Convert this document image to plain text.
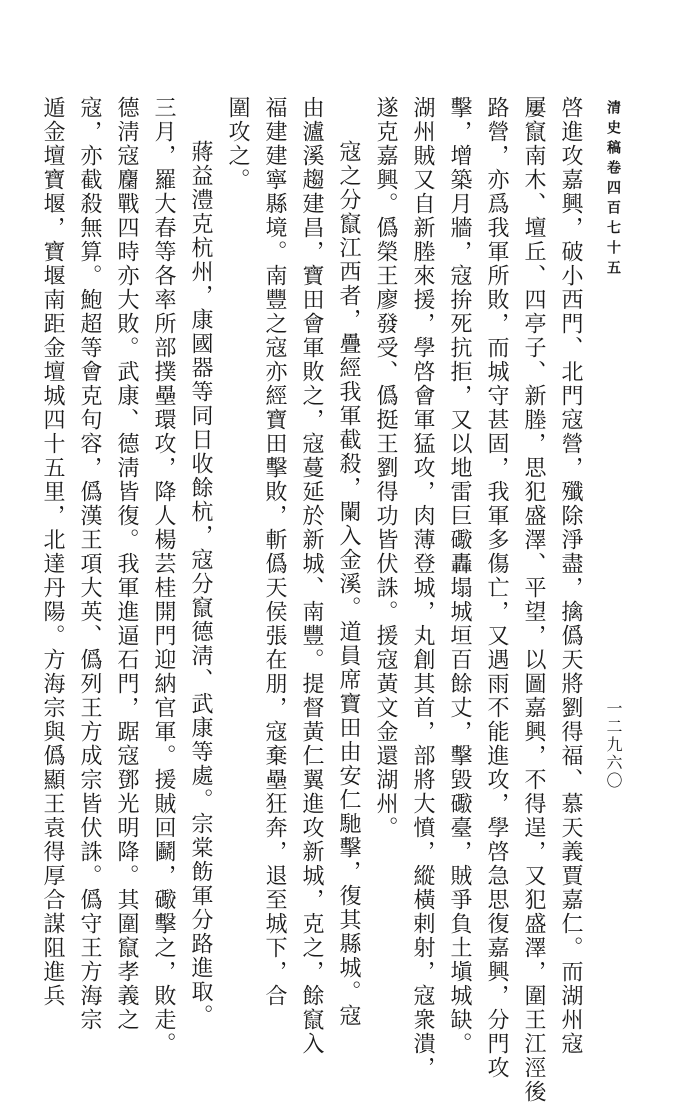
清史稿卷四百七十五
啓進攻嘉興，破小西門、北門寇營，殲除淨盡，擒僞天將劉得福、慕天義賈嘉仁。而湖州寇
屢竄南木、壇丘、四亭子、新塍，思犯盛澤、平望，以圖嘉興，不得逞，又犯盛澤，圍王江涇後
路營，亦爲我軍所敗，而城守甚固，我軍多傷亡，又遇雨不能進攻，學啓急思復嘉興，分門攻
擊，增築月牆，寇拚死抗拒，又以地雷巨礮轟塌城垣百餘丈，擊毀礮臺，賊爭負土塡城缺。
湖州賊又自新塍來援，學啓會軍猛攻，肉薄登城，丸創其首，部將大憤，縱橫剌射，寇衆潰，
遂克嘉興。僞榮王廖發受、僞挺王劉得功皆伏誅。援寇黃文金還湖州。
寇之分竄江西者，疊經我軍截殺，闌入金溪。道員席寶田由安仁馳擊，復其縣城。寇
由瀘溪趨建昌，寶田會軍敗之，寇蔓延於新城、南豐。提督黃仁翼進攻新城，克之，餘竄入
福建建寧縣境。南豐之寇亦經寶田擊敗，斬僞天侯張在朋，寇棄壘狂奔，退至城下，合
圍攻之。
蔣益澧克杭州，康國器等同日收餘杭，寇分竄德淸、武康等處。宗棠飭軍分路進取。
三月，羅大春等各率所部撲壘環攻，降人楊芸桂開門迎納官軍。援賊回鬬，礮擊之，敗走。
德淸寇麕戰四時亦大敗。武康、德淸皆復。我軍進逼石門，踞寇鄧光明降。其圍竄孝義之
寇，亦截殺無算。鮑超等會克句容，僞漢王項大英、僞列王方成宗皆伏誅。僞守王方海宗
遁金壇寶堰，寶堰南距金壇城四十五里，北達丹陽。方海宗與僞顯王袁得厚合謀阻進兵	一二九六〇
